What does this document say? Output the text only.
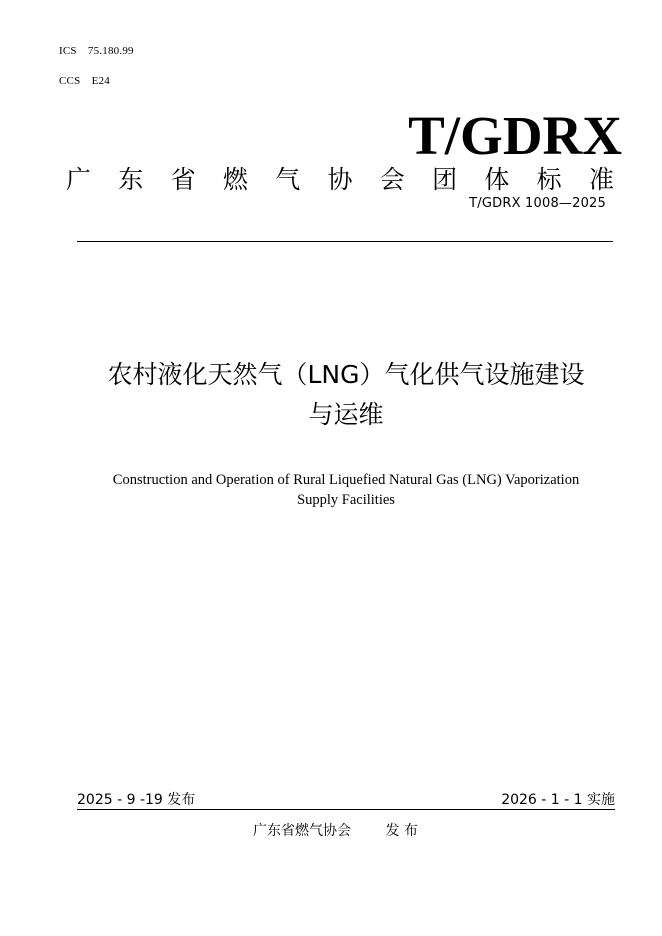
ICS　75.180.99

CCS　E24

T/GDRX
广 东 省 燃 气 协 会 团 体 标 准
T/GDRX 1008—2025
农村液化天然气（LNG）气化供气设施建设
与运维
Construction and Operation of Rural Liquefied Natural Gas (LNG) Vaporization
Supply Facilities
2025 - 9 -19 发布	2026 - 1 - 1 实施
广东省燃气协会 发 布
